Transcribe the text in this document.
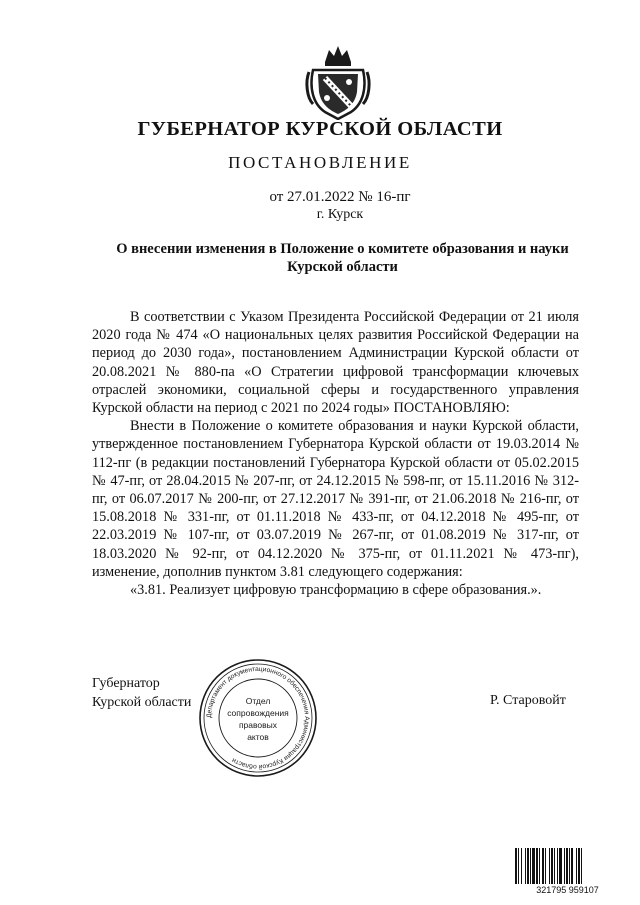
ГУБЕРНАТОР КУРСКОЙ ОБЛАСТИ
ПОСТАНОВЛЕНИЕ
от 27.01.2022 № 16-пг
г. Курск
О внесении изменения в Положение о комитете образования и науки
Курской области

В соответствии с Указом Президента Российской Федерации от 21 июля 2020 года № 474 «О национальных целях развития Российской Федерации на период до 2030 года», постановлением Администрации Курской области от 20.08.2021 № 880-па «О Стратегии цифровой трансформации ключевых отраслей экономики, социальной сферы и государственного управления Курской области на период с 2021 по 2024 годы» ПОСТАНОВЛЯЮ:

Внести в Положение о комитете образования и науки Курской области, утвержденное постановлением Губернатора Курской области от 19.03.2014 № 112-пг (в редакции постановлений Губернатора Курской области от 05.02.2015 № 47-пг, от 28.04.2015 № 207-пг, от 24.12.2015 № 598-пг, от 15.11.2016 № 312-пг, от 06.07.2017 № 200-пг, от 27.12.2017 № 391-пг, от 21.06.2018 № 216-пг, от 15.08.2018 № 331-пг, от 01.11.2018 № 433-пг, от 04.12.2018 № 495-пг, от 22.03.2019 № 107-пг, от 03.07.2019 № 267-пг, от 01.08.2019 № 317-пг, от 18.03.2020 № 92-пг, от 04.12.2020 № 375-пг, от 01.11.2021 № 473-пг), изменение, дополнив пунктом 3.81 следующего содержания:

«3.81. Реализует цифровую трансформацию в сфере образования.».

Губернатор
Курской области	Р. Старовойт
Департамент документационного обеспечения Администрации Курской области
Отдел
сопровождения
правовых
актов
321795 959107
